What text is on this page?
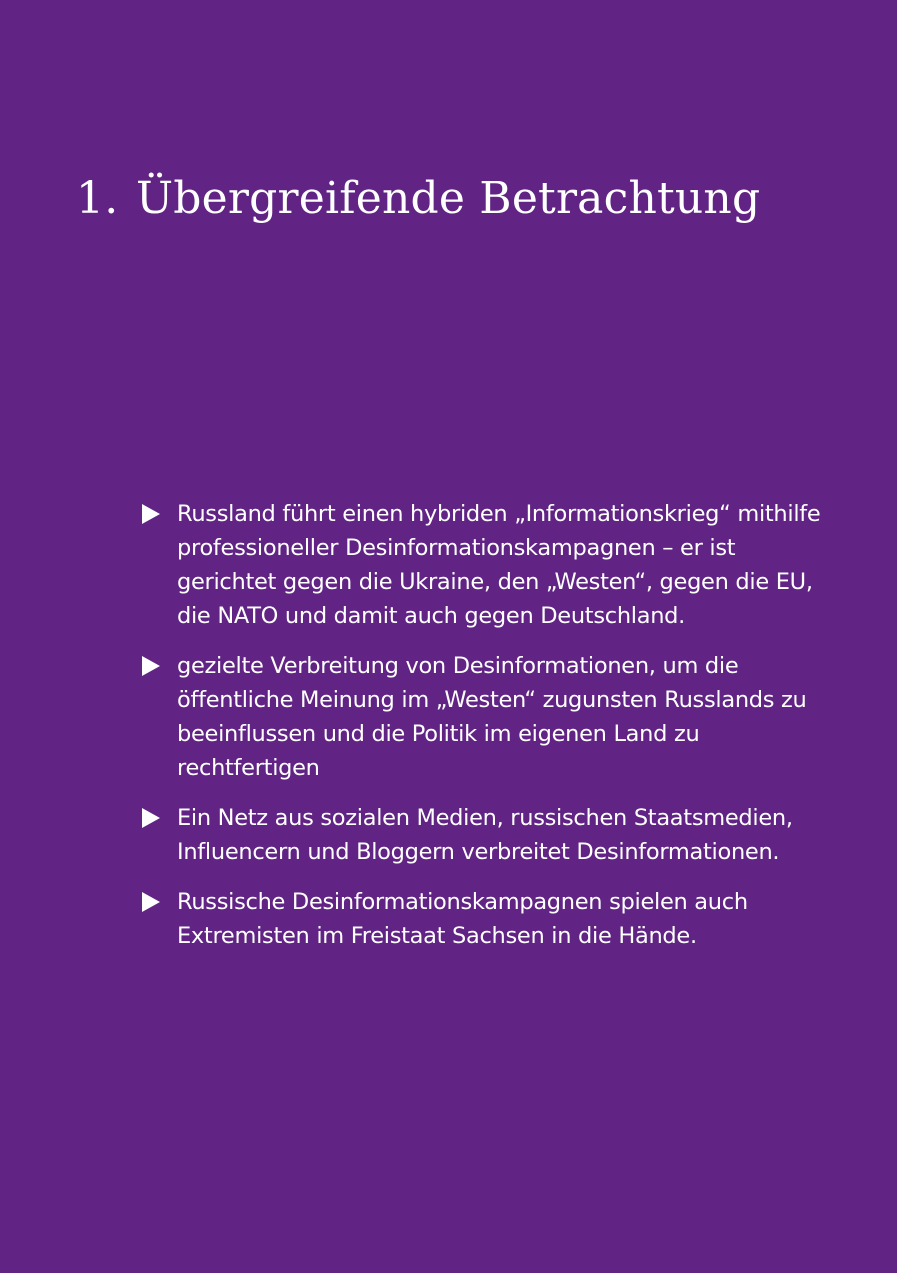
1. Übergreifende Betrachtung
Russland führt einen hybriden „Informationskrieg“ mithilfe professioneller Desinformationskampagnen – er ist gerichtet gegen die Ukraine, den „Westen“, gegen die EU, die NATO und damit auch gegen Deutschland.
gezielte Verbreitung von Desinformationen, um die öffentliche Meinung im „Westen“ zugunsten Russlands zu beeinflussen und die Politik im eigenen Land zu rechtfertigen
Ein Netz aus sozialen Medien, russischen Staatsmedien, Influencern und Bloggern verbreitet Desinformationen.
Russische Desinformationskampagnen spielen auch Extremisten im Freistaat Sachsen in die Hände.
